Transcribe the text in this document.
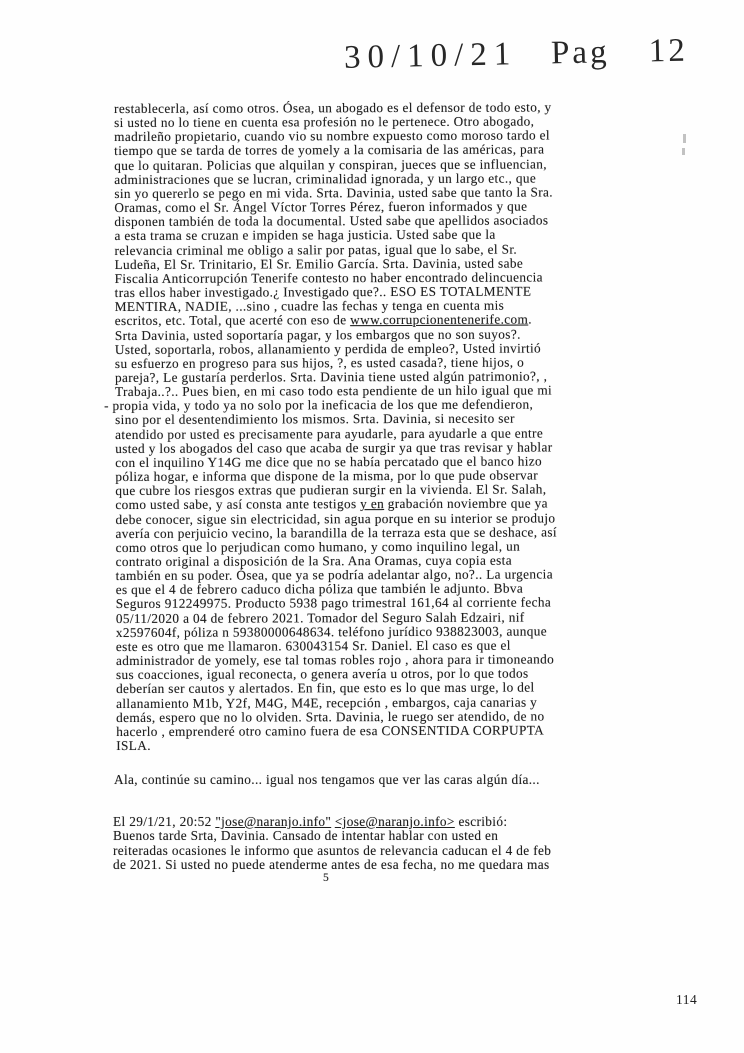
30/10/21 Pag 12
restablecerla, así como otros. Ósea, un abogado es el defensor de todo esto, y
si usted no lo tiene en cuenta esa profesión no le pertenece. Otro abogado,
madrileño propietario, cuando vio su nombre expuesto como moroso tardo el
tiempo que se tarda de torres de yomely a la comisaria de las américas, para
que lo quitaran. Policias que alquilan y conspiran, jueces que se influencian,
administraciones que se lucran, criminalidad ignorada, y un largo etc., que
sin yo quererlo se pego en mi vida. Srta. Davinia, usted sabe que tanto la Sra.
Oramas, como el Sr. Ángel Víctor Torres Pérez, fueron informados y que
disponen también de toda la documental. Usted sabe que apellidos asociados
a esta trama se cruzan e impiden se haga justicia. Usted sabe que la
relevancia criminal me obligo a salir por patas, igual que lo sabe, el Sr.
Ludeña, El Sr. Trinitario, El Sr. Emilio García. Srta. Davinia, usted sabe
Fiscalia Anticorrupción Tenerife contesto no haber encontrado delincuencia
tras ellos haber investigado.¿ Investigado que?.. ESO ES TOTALMENTE
MENTIRA, NADIE, ...sino , cuadre las fechas y tenga en cuenta mis
escritos, etc. Total, que acerté con eso de www.corrupcionentenerife.com.
Srta Davinia, usted soportaría pagar, y los embargos que no son suyos?.
Usted, soportarla, robos, allanamiento y perdida de empleo?, Usted invirtió
su esfuerzo en progreso para sus hijos, ?, es usted casada?, tiene hijos, o
pareja?, Le gustaría perderlos. Srta. Davinia tiene usted algún patrimonio?, ,
Trabaja..?.. Pues bien, en mi caso todo esta pendiente de un hilo igual que mi
- propia vida, y todo ya no solo por la ineficacia de los que me defendieron,
sino por el desentendimiento los mismos. Srta. Davinia, si necesito ser
atendido por usted es precisamente para ayudarle, para ayudarle a que entre
usted y los abogados del caso que acaba de surgir ya que tras revisar y hablar
con el inquilino Y14G me dice que no se había percatado que el banco hizo
póliza hogar, e informa que dispone de la misma, por lo que pude observar
que cubre los riesgos extras que pudieran surgir en la vivienda. El Sr. Salah,
como usted sabe, y así consta ante testigos y en grabación noviembre que ya
debe conocer, sigue sin electricidad, sin agua porque en su interior se produjo
avería con perjuicio vecino, la barandilla de la terraza esta que se deshace, así
como otros que lo perjudican como humano, y como inquilino legal, un
contrato original a disposición de la Sra. Ana Oramas, cuya copia esta
también en su poder. Ósea, que ya se podría adelantar algo, no?.. La urgencia
es que el 4 de febrero caduco dicha póliza que también le adjunto. Bbva
Seguros 912249975. Producto 5938 pago trimestral 161,64 al corriente fecha
05/11/2020 a 04 de febrero 2021. Tomador del Seguro Salah Edzairi, nif
x2597604f, póliza n 59380000648634. teléfono jurídico 938823003, aunque
este es otro que me llamaron. 630043154 Sr. Daniel. El caso es que el
administrador de yomely, ese tal tomas robles rojo , ahora para ir timoneando
sus coacciones, igual reconecta, o genera avería u otros, por lo que todos
deberían ser cautos y alertados. En fin, que esto es lo que mas urge, lo del
allanamiento M1b, Y2f, M4G, M4E, recepción , embargos, caja canarias y
demás, espero que no lo olviden. Srta. Davinia, le ruego ser atendido, de no
hacerlo , emprenderé otro camino fuera de esa CONSENTIDA CORPUPTA
ISLA.
Ala, continúe su camino... igual nos tengamos que ver las caras algún día...
El 29/1/21, 20:52 "jose@naranjo.info" <jose@naranjo.info> escribió:
Buenos tarde Srta, Davinia. Cansado de intentar hablar con usted en
reiteradas ocasiones le informo que asuntos de relevancia caducan el 4 de feb
de 2021. Si usted no puede atenderme antes de esa fecha, no me quedara mas
5
114
